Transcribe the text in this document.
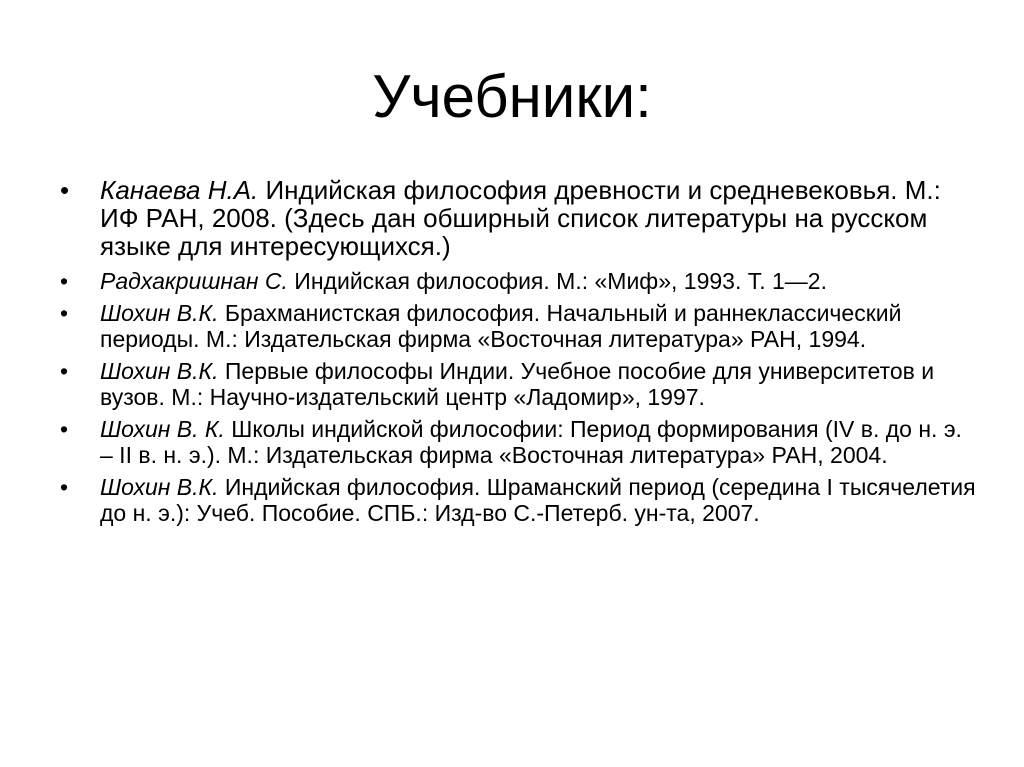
Учебники:
• Канаева Н.А. Индийская философия древности и средневековья. М.: ИФ РАН, 2008. (Здесь дан обширный список литературы на русском языке для интересующихся.)
• Радхакришнан С. Индийская философия. М.: «Миф», 1993. Т. 1—2.
• Шохин В.К. Брахманистская философия. Начальный и раннеклассический периоды. М.: Издательская фирма «Восточная литература» РАН, 1994.
• Шохин В.К. Первые философы Индии. Учебное пособие для университетов и вузов. М.: Научно-издательский центр «Ладомир», 1997.
• Шохин В. К. Школы индийской философии: Период формирования (IV в. до н. э. – II в. н. э.). М.: Издательская фирма «Восточная литература» РАН, 2004.
• Шохин В.К. Индийская философия. Шраманский период (середина I тысячелетия до н. э.): Учеб. Пособие. СПБ.: Изд-во С.-Петерб. ун-та, 2007.
